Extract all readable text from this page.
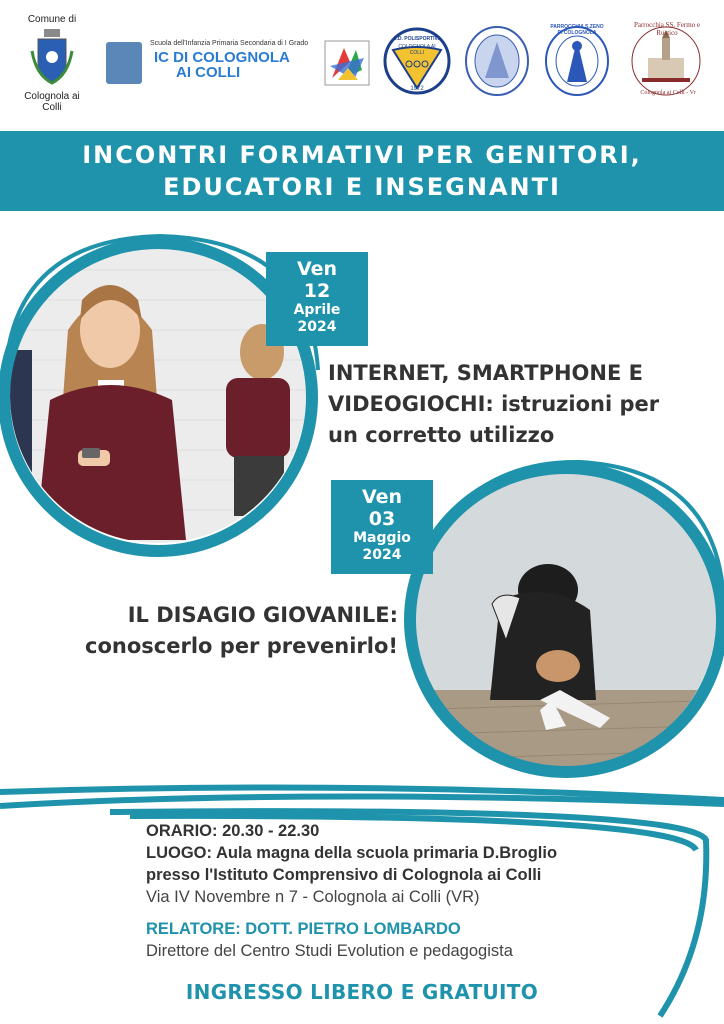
Comune di
Colognola ai Colli
Scuola dell'Infanzia Primaria Secondaria di I Grado
IC DI COLOGNOLA
AI COLLI
A.D. POLISPORTIVA
COLOGNOLA AI COLLI
1972
PARROCCHIA S.ZENO DI COLOGNOLA
Parrocchia SS. Fermo e Rustico
Colognola ai Colli - Vr
INCONTRI FORMATIVI PER GENITORI,
EDUCATORI E INSEGNANTI
Ven
12
Aprile
2024
INTERNET, SMARTPHONE E
VIDEOGIOCHI: istruzioni per
un corretto utilizzo
Ven
03
Maggio
2024
IL DISAGIO GIOVANILE:
conoscerlo per prevenirlo!
ORARIO: 20.30 - 22.30
LUOGO: Aula magna della scuola primaria D.Broglio
presso l'Istituto Comprensivo di Colognola ai Colli
Via IV Novembre n 7 - Colognola ai Colli (VR)
RELATORE: DOTT. PIETRO LOMBARDO
Direttore del Centro Studi Evolution e pedagogista
INGRESSO LIBERO E GRATUITO
